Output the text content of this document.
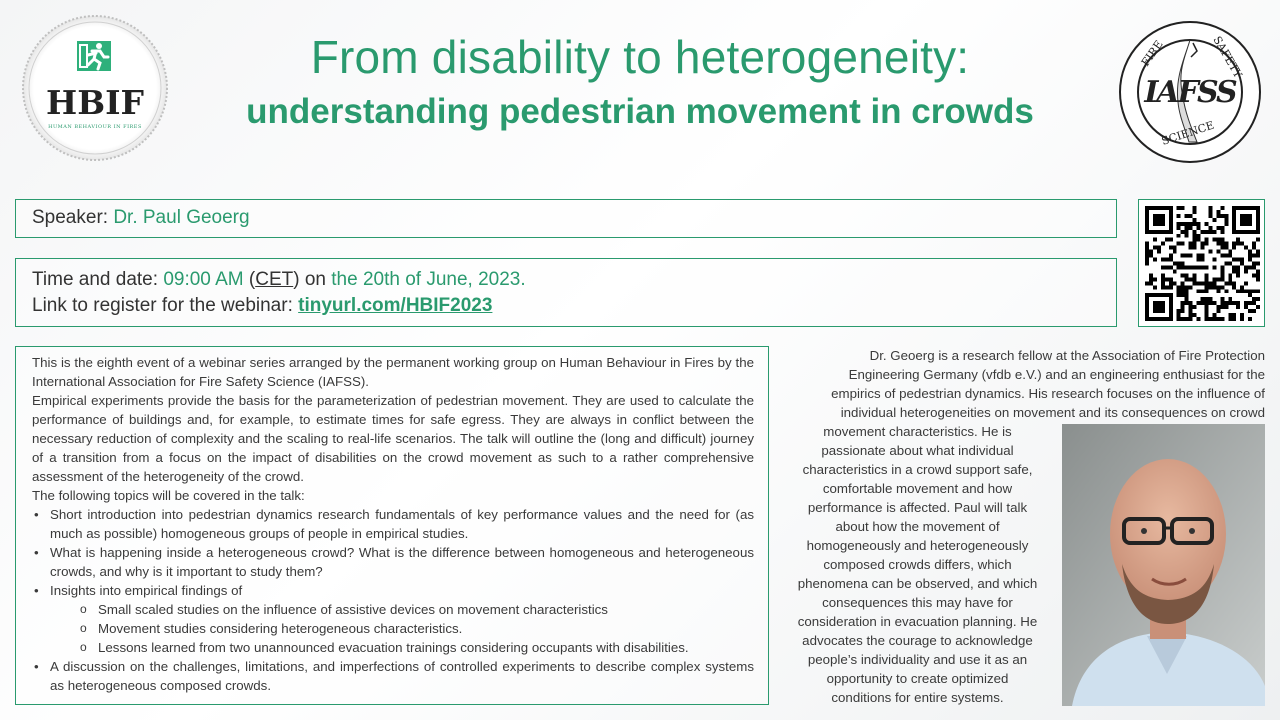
HBIF
HUMAN BEHAVIOUR IN FIRES
From disability to heterogeneity:
understanding pedestrian movement in crowds
FIRE	SAFETY
SCIENCE
IAFSS
Speaker: Dr. Paul Geoerg
Time and date: 09:00 AM (CET) on the 20th of June, 2023.
Link to register for the webinar: tinyurl.com/HBIF2023

This is the eighth event of a webinar series arranged by the permanent working group on Human Behaviour in Fires by the International Association for Fire Safety Science (IAFSS).

Empirical experiments provide the basis for the parameterization of pedestrian movement. They are used to calculate the performance of buildings and, for example, to estimate times for safe egress. They are always in conflict between the necessary reduction of complexity and the scaling to real-life scenarios. The talk will outline the (long and difficult) journey of a transition from a focus on the impact of disabilities on the crowd movement as such to a rather comprehensive assessment of the heterogeneity of the crowd.

The following topics will be covered in the talk:

• Short introduction into pedestrian dynamics research fundamentals of key performance values and the need for (as much as possible) homogeneous groups of people in empirical studies.
• What is happening inside a heterogeneous crowd? What is the difference between homogeneous and heterogeneous crowds, and why is it important to study them?
• Insights into empirical findings of
o Small scaled studies on the influence of assistive devices on movement characteristics
o Movement studies considering heterogeneous characteristics.
o Lessons learned from two unannounced evacuation trainings considering occupants with disabilities.
• A discussion on the challenges, limitations, and imperfections of controlled experiments to describe complex systems as heterogeneous composed crowds.
Dr. Geoerg is a research fellow at the Association of Fire Protection
Engineering Germany (vfdb e.V.) and an engineering enthusiast for the
empirics of pedestrian dynamics. His research focuses on the influence of
individual heterogeneities on movement and its consequences on crowd
movement characteristics. He is
passionate about what individual
characteristics in a crowd support safe,
comfortable movement and how
performance is affected. Paul will talk
about how the movement of
homogeneously and heterogeneously
composed crowds differs, which
phenomena can be observed, and which
consequences this may have for
consideration in evacuation planning. He
advocates the courage to acknowledge
people’s individuality and use it as an
opportunity to create optimized
conditions for entire systems.
